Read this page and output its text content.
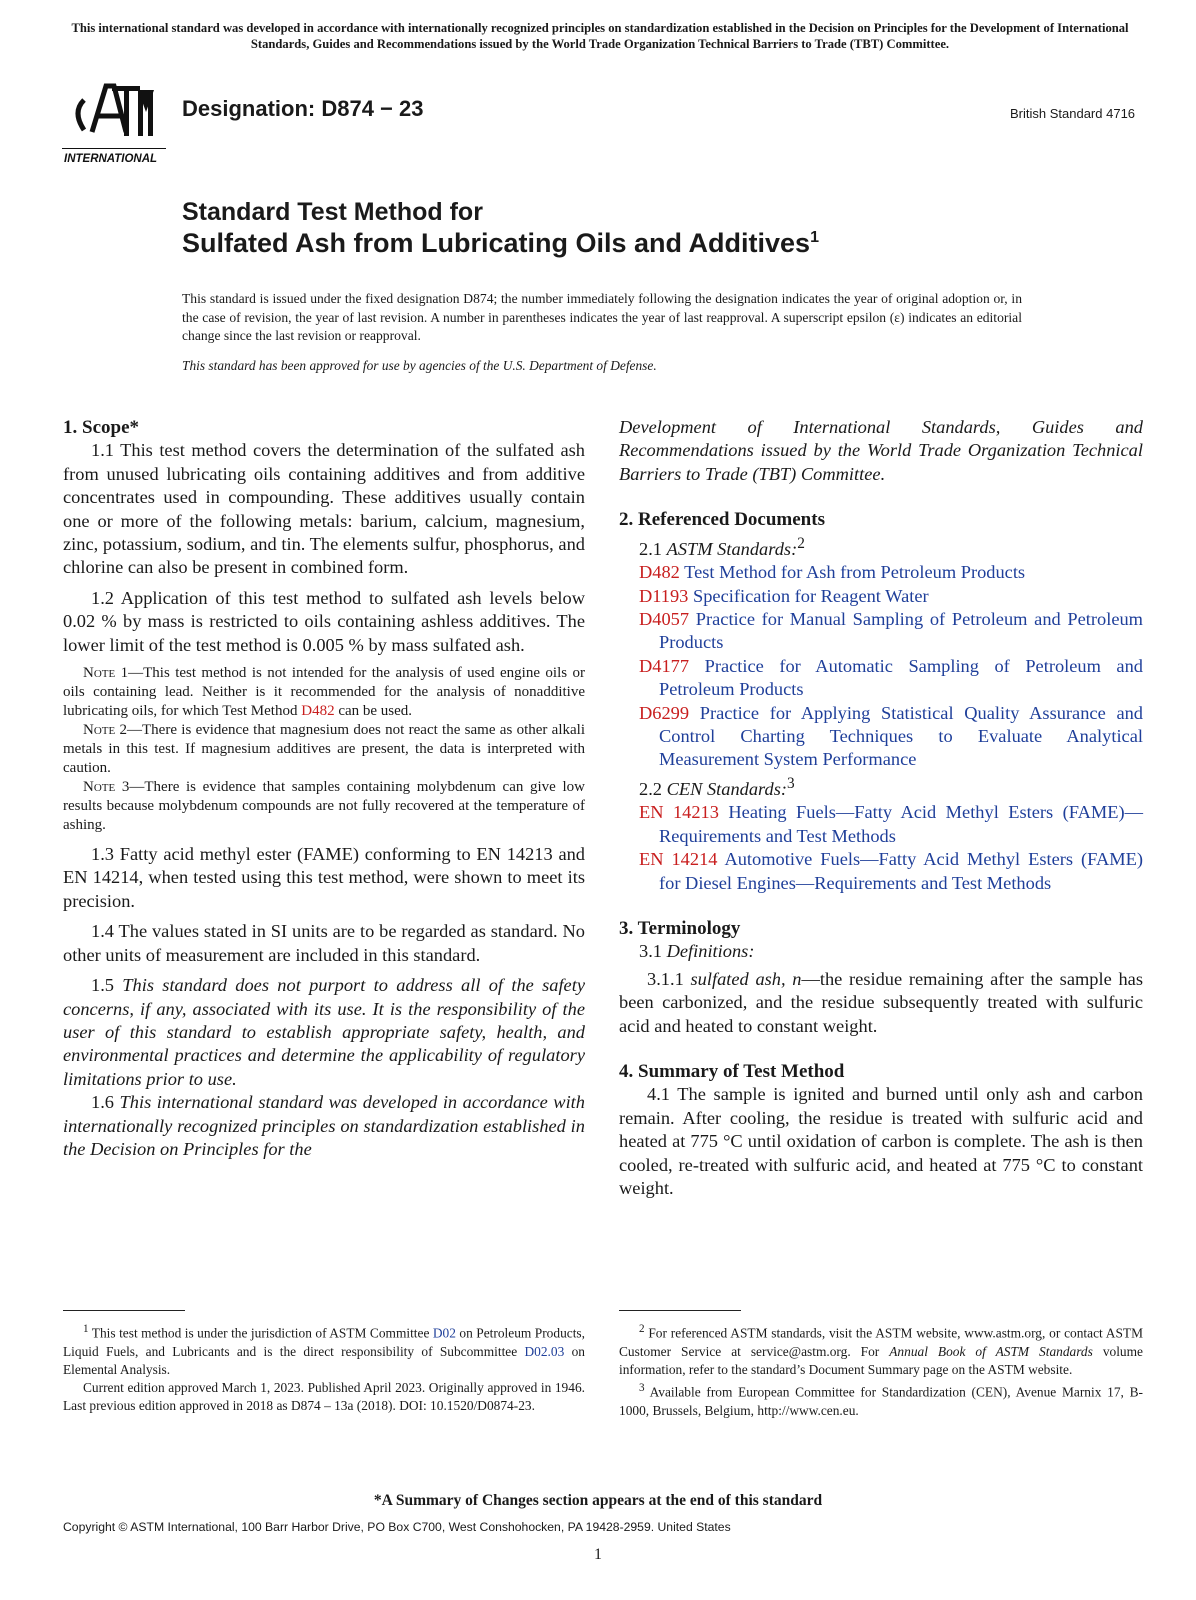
This international standard was developed in accordance with internationally recognized principles on standardization established in the Decision on Principles for the Development of International Standards, Guides and Recommendations issued by the World Trade Organization Technical Barriers to Trade (TBT) Committee.
INTERNATIONAL
Designation: D874 − 23	British Standard 4716
Standard Test Method for
Sulfated Ash from Lubricating Oils and Additives$^1$
This standard is issued under the fixed designation D874; the number immediately following the designation indicates the year of original adoption or, in the case of revision, the year of last revision. A number in parentheses indicates the year of last reapproval. A superscript epsilon (ε) indicates an editorial change since the last revision or reapproval.
This standard has been approved for use by agencies of the U.S. Department of Defense.

1. Scope*

1.1 This test method covers the determination of the sulfated ash from unused lubricating oils containing additives and from additive concentrates used in compounding. These additives usually contain one or more of the following metals: barium, calcium, magnesium, zinc, potassium, sodium, and tin. The elements sulfur, phosphorus, and chlorine can also be present in combined form.

1.2 Application of this test method to sulfated ash levels below 0.02 % by mass is restricted to oils containing ashless additives. The lower limit of the test method is 0.005 % by mass sulfated ash.

Note 1—This test method is not intended for the analysis of used engine oils or oils containing lead. Neither is it recommended for the analysis of nonadditive lubricating oils, for which Test Method D482 can be used.

Note 2—There is evidence that magnesium does not react the same as other alkali metals in this test. If magnesium additives are present, the data is interpreted with caution.

Note 3—There is evidence that samples containing molybdenum can give low results because molybdenum compounds are not fully recovered at the temperature of ashing.

1.3 Fatty acid methyl ester (FAME) conforming to EN 14213 and EN 14214, when tested using this test method, were shown to meet its precision.

1.4 The values stated in SI units are to be regarded as standard. No other units of measurement are included in this standard.

1.5 This standard does not purport to address all of the safety concerns, if any, associated with its use. It is the responsibility of the user of this standard to establish appropriate safety, health, and environmental practices and determine the applicability of regulatory limitations prior to use.

1.6 This international standard was developed in accordance with internationally recognized principles on standardization established in the Decision on Principles for the

Development of International Standards, Guides and Recommendations issued by the World Trade Organization Technical Barriers to Trade (TBT) Committee.

2. Referenced Documents

2.1 ASTM Standards:$^2$

D482 Test Method for Ash from Petroleum Products

D1193 Specification for Reagent Water

D4057 Practice for Manual Sampling of Petroleum and Petroleum Products

D4177 Practice for Automatic Sampling of Petroleum and Petroleum Products

D6299 Practice for Applying Statistical Quality Assurance and Control Charting Techniques to Evaluate Analytical Measurement System Performance

2.2 CEN Standards:$^3$

EN 14213 Heating Fuels—Fatty Acid Methyl Esters (FAME)—Requirements and Test Methods

EN 14214 Automotive Fuels—Fatty Acid Methyl Esters (FAME) for Diesel Engines—Requirements and Test Methods

3. Terminology

3.1 Definitions:

3.1.1 sulfated ash, n—the residue remaining after the sample has been carbonized, and the residue subsequently treated with sulfuric acid and heated to constant weight.

4. Summary of Test Method

4.1 The sample is ignited and burned until only ash and carbon remain. After cooling, the residue is treated with sulfuric acid and heated at 775 °C until oxidation of carbon is complete. The ash is then cooled, re-treated with sulfuric acid, and heated at 775 °C to constant weight.

$^1$ This test method is under the jurisdiction of ASTM Committee D02 on Petroleum Products, Liquid Fuels, and Lubricants and is the direct responsibility of Subcommittee D02.03 on Elemental Analysis.

Current edition approved March 1, 2023. Published April 2023. Originally approved in 1946. Last previous edition approved in 2018 as D874 – 13a (2018). DOI: 10.1520/D0874-23.

$^2$ For referenced ASTM standards, visit the ASTM website, www.astm.org, or contact ASTM Customer Service at service@astm.org. For Annual Book of ASTM Standards volume information, refer to the standard’s Document Summary page on the ASTM website.

$^3$ Available from European Committee for Standardization (CEN), Avenue Marnix 17, B-1000, Brussels, Belgium, http://www.cen.eu.

*A Summary of Changes section appears at the end of this standard
Copyright © ASTM International, 100 Barr Harbor Drive, PO Box C700, West Conshohocken, PA 19428-2959. United States
1
